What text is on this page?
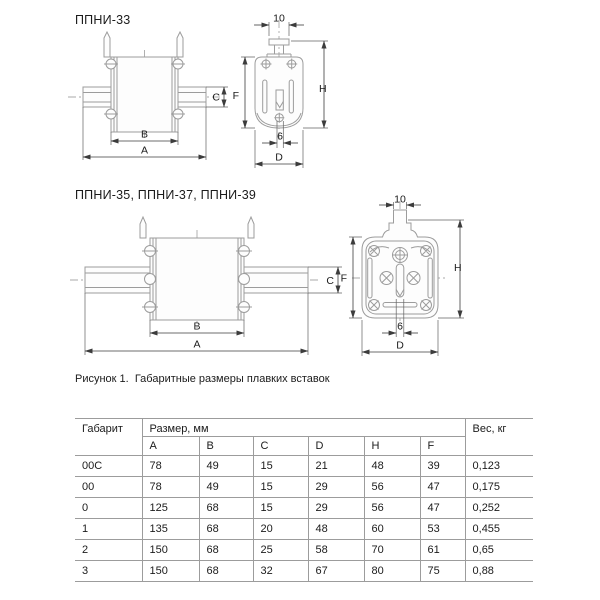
ППНИ-33
C
B
A
10
F
H
6
D
ППНИ-35, ППНИ-37, ППНИ-39
C
B
A
10
F
H
6
D
Рисунок 1.  Габаритные размеры плавких вставок
Габарит	Размер, мм						Вес, кг
	A	B	C	D	H	F	
00C	78	49	15	21	48	39	0,123
00	78	49	15	29	56	47	0,175
0	125	68	15	29	56	47	0,252
1	135	68	20	48	60	53	0,455
2	150	68	25	58	70	61	0,65
3	150	68	32	67	80	75	0,88
